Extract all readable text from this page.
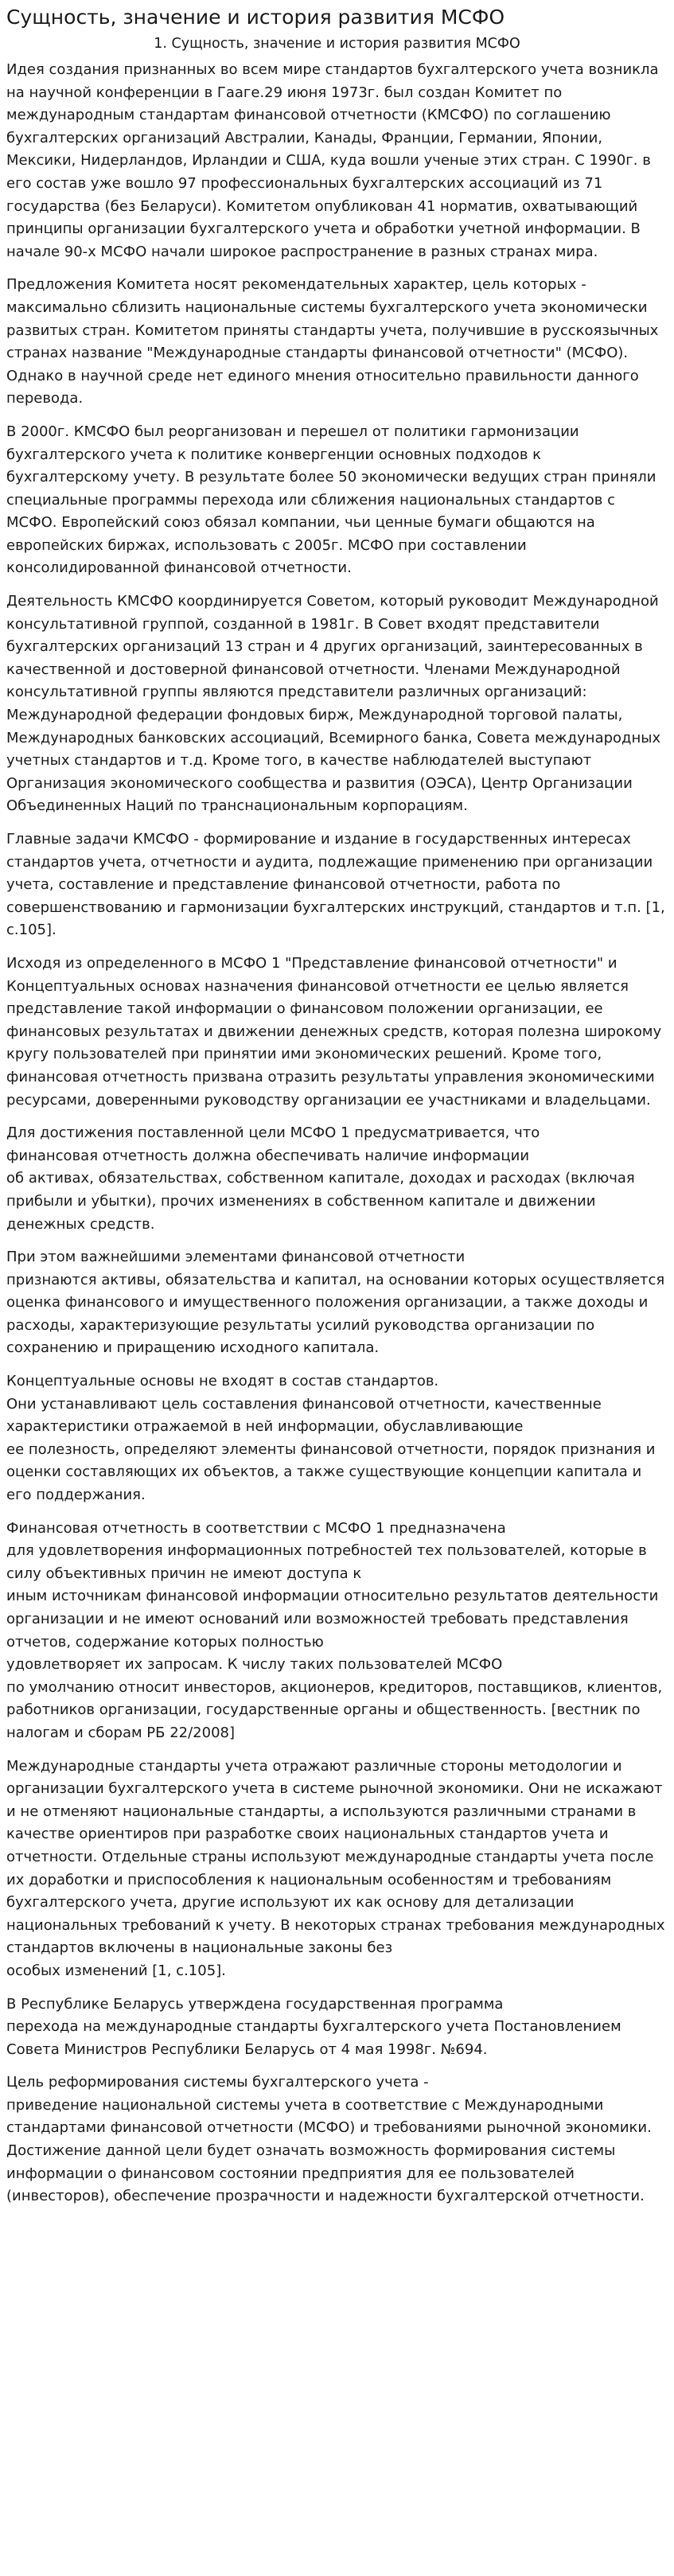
Сущность, значение и история развития МСФО
1. Сущность, значение и история развития МСФО

Идея создания признанных во всем мире стандартов бухгалтерского учета возникла на научной конференции в Гааге.29 июня 1973г. был создан Комитет по международным стандартам финансовой отчетности (КМСФО) по соглашению бухгалтерских организаций Австралии, Канады, Франции, Германии, Японии, Мексики, Нидерландов, Ирландии и США, куда вошли ученые этих стран. С 1990г. в его состав уже вошло 97 профессиональных бухгалтерских ассоциаций из 71 государства (без Беларуси). Комитетом опубликован 41 норматив, охватывающий принципы организации бухгалтерского учета и обработки учетной информации. В начале 90-х МСФО начали широкое распространение в разных странах мира.

Предложения Комитета носят рекомендательных характер, цель которых - максимально сблизить национальные системы бухгалтерского учета экономически развитых стран. Комитетом приняты стандарты учета, получившие в русскоязычных странах название "Международные стандарты финансовой отчетности" (МСФО). Однако в научной среде нет единого мнения относительно правильности данного перевода.

В 2000г. КМСФО был реорганизован и перешел от политики гармонизации бухгалтерского учета к политике конвергенции основных подходов к бухгалтерскому учету. В результате более 50 экономически ведущих стран приняли специальные программы перехода или сближения национальных стандартов с МСФО. Европейский союз обязал компании, чьи ценные бумаги общаются на европейских биржах, использовать с 2005г. МСФО при составлении консолидированной финансовой отчетности.

Деятельность КМСФО координируется Советом, который руководит Международной консультативной группой, созданной в 1981г. В Совет входят представители бухгалтерских организаций 13 стран и 4 других организаций, заинтересованных в качественной и достоверной финансовой отчетности. Членами Международной консультативной группы являются представители различных организаций: Международной федерации фондовых бирж, Международной торговой палаты, Международных банковских ассоциаций, Всемирного банка, Совета международных учетных стандартов и т.д. Кроме того, в качестве наблюдателей выступают Организация экономического сообщества и развития (ОЭСА), Центр Организации Объединенных Наций по транснациональным корпорациям.

Главные задачи КМСФО - формирование и издание в государственных интересах стандартов учета, отчетности и аудита, подлежащие применению при организации учета, составление и представление финансовой отчетности, работа по совершенствованию и гармонизации бухгалтерских инструкций, стандартов и т.п. [1, c.105].

Исходя из определенного в МСФО 1 "Представление финансовой отчетности" и Концептуальных основах назначения финансовой отчетности ее целью является представление такой информации о финансовом положении организации, ее финансовых результатах и движении денежных средств, которая полезна широкому кругу пользователей при принятии ими экономических решений. Кроме того, финансовая отчетность призвана отразить результаты управления экономическими ресурсами, доверенными руководству организации ее участниками и владельцами.

Для достижения поставленной цели МСФО 1 предусматривается, что
финансовая отчетность должна обеспечивать наличие информации
об активах, обязательствах, собственном капитале, доходах и расходах (включая прибыли и убытки), прочих изменениях в собственном капитале и движении денежных средств.

При этом важнейшими элементами финансовой отчетности
признаются активы, обязательства и капитал, на основании которых осуществляется оценка финансового и имущественного положения организации, а также доходы и расходы, характеризующие результаты усилий руководства организации по сохранению и приращению исходного капитала.

Концептуальные основы не входят в состав стандартов.
Они устанавливают цель составления финансовой отчетности, качественные характеристики отражаемой в ней информации, обуславливающие
ее полезность, определяют элементы финансовой отчетности, порядок признания и оценки составляющих их объектов, а также существующие концепции капитала и его поддержания.

Финансовая отчетность в соответствии с МСФО 1 предназначена
для удовлетворения информационных потребностей тех пользователей, которые в силу объективных причин не имеют доступа к
иным источникам финансовой информации относительно результатов деятельности организации и не имеют оснований или возможностей требовать представления отчетов, содержание которых полностью
удовлетворяет их запросам. К числу таких пользователей МСФО
по умолчанию относит инвесторов, акционеров, кредиторов, поставщиков, клиентов, работников организации, государственные органы и общественность. [вестник по налогам и сборам РБ 22/2008]

Международные стандарты учета отражают различные стороны методологии и организации бухгалтерского учета в системе рыночной экономики. Они не искажают и не отменяют национальные стандарты, а используются различными странами в качестве ориентиров при разработке своих национальных стандартов учета и отчетности. Отдельные страны используют международные стандарты учета после их доработки и приспособления к национальным особенностям и требованиям бухгалтерского учета, другие используют их как основу для детализации
национальных требований к учету. В некоторых странах требования международных стандартов включены в национальные законы без
особых изменений [1, c.105].

В Республике Беларусь утверждена государственная программа
перехода на международные стандарты бухгалтерского учета Постановлением Совета Министров Республики Беларусь от 4 мая 1998г. №694.

Цель реформирования системы бухгалтерского учета -
приведение национальной системы учета в соответствие с Международными стандартами финансовой отчетности (МСФО) и требованиями рыночной экономики. Достижение данной цели будет означать возможность формирования системы информации о финансовом состоянии предприятия для ее пользователей (инвесторов), обеспечение прозрачности и надежности бухгалтерской отчетности.
